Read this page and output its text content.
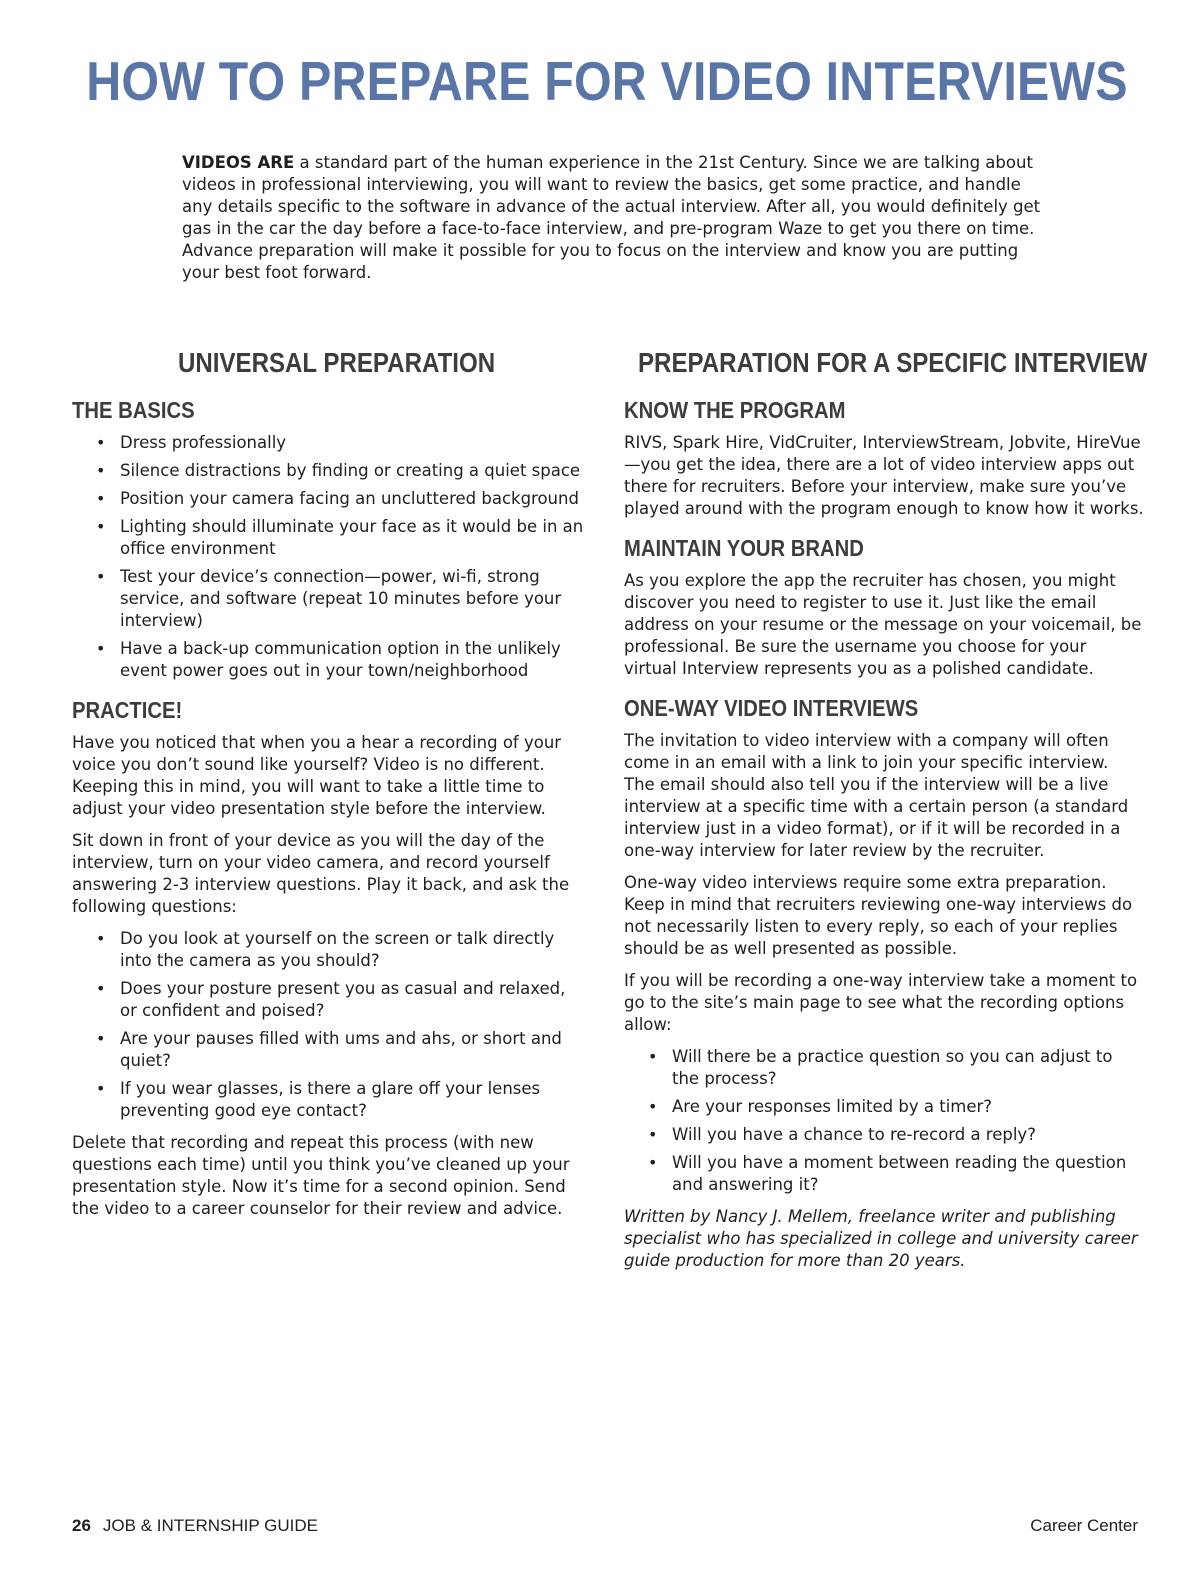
HOW TO PREPARE FOR VIDEO INTERVIEWS

VIDEOS ARE a standard part of the human experience in the 21st Century. Since we are talking about videos in professional interviewing, you will want to review the basics, get some practice, and handle any details specific to the software in advance of the actual interview. After all, you would definitely get gas in the car the day before a face-to-face interview, and pre-program Waze to get you there on time. Advance preparation will make it possible for you to focus on the interview and know you are putting your best foot forward.

UNIVERSAL PREPARATION
THE BASICS
• Dress professionally
• Silence distractions by finding or creating a quiet space
• Position your camera facing an uncluttered background
• Lighting should illuminate your face as it would be in an office environment
• Test your device’s connection—power, wi-fi, strong service, and software (repeat 10 minutes before your interview)
• Have a back-up communication option in the unlikely event power goes out in your town/neighborhood
PRACTICE!

Have you noticed that when you a hear a recording of your voice you don’t sound like yourself? Video is no different. Keeping this in mind, you will want to take a little time to adjust your video presentation style before the interview.

Sit down in front of your device as you will the day of the interview, turn on your video camera, and record yourself answering 2-3 interview questions. Play it back, and ask the following questions:

• Do you look at yourself on the screen or talk directly into the camera as you should?
• Does your posture present you as casual and relaxed, or confident and poised?
• Are your pauses filled with ums and ahs, or short and quiet?
• If you wear glasses, is there a glare off your lenses preventing good eye contact?

Delete that recording and repeat this process (with new questions each time) until you think you’ve cleaned up your presentation style. Now it’s time for a second opinion. Send the video to a career counselor for their review and advice.

PREPARATION FOR A SPECIFIC INTERVIEW
KNOW THE PROGRAM

RIVS, Spark Hire, VidCruiter, InterviewStream, Jobvite, HireVue—you get the idea, there are a lot of video interview apps out there for recruiters. Before your interview, make sure you’ve played around with the program enough to know how it works.

MAINTAIN YOUR BRAND

As you explore the app the recruiter has chosen, you might discover you need to register to use it. Just like the email address on your resume or the message on your voicemail, be professional. Be sure the username you choose for your virtual Interview represents you as a polished candidate.

ONE-WAY VIDEO INTERVIEWS

The invitation to video interview with a company will often come in an email with a link to join your specific interview. The email should also tell you if the interview will be a live interview at a specific time with a certain person (a standard interview just in a video format), or if it will be recorded in a one-way interview for later review by the recruiter.

One-way video interviews require some extra preparation. Keep in mind that recruiters reviewing one-way interviews do not necessarily listen to every reply, so each of your replies should be as well presented as possible.

If you will be recording a one-way interview take a moment to go to the site’s main page to see what the recording options allow:

• Will there be a practice question so you can adjust to the process?
• Are your responses limited by a timer?
• Will you have a chance to re-record a reply?
• Will you have a moment between reading the question and answering it?

Written by Nancy J. Mellem, freelance writer and publishing specialist who has specialized in college and university career guide production for more than 20 years.

26 JOB & INTERNSHIP GUIDE	Career Center
